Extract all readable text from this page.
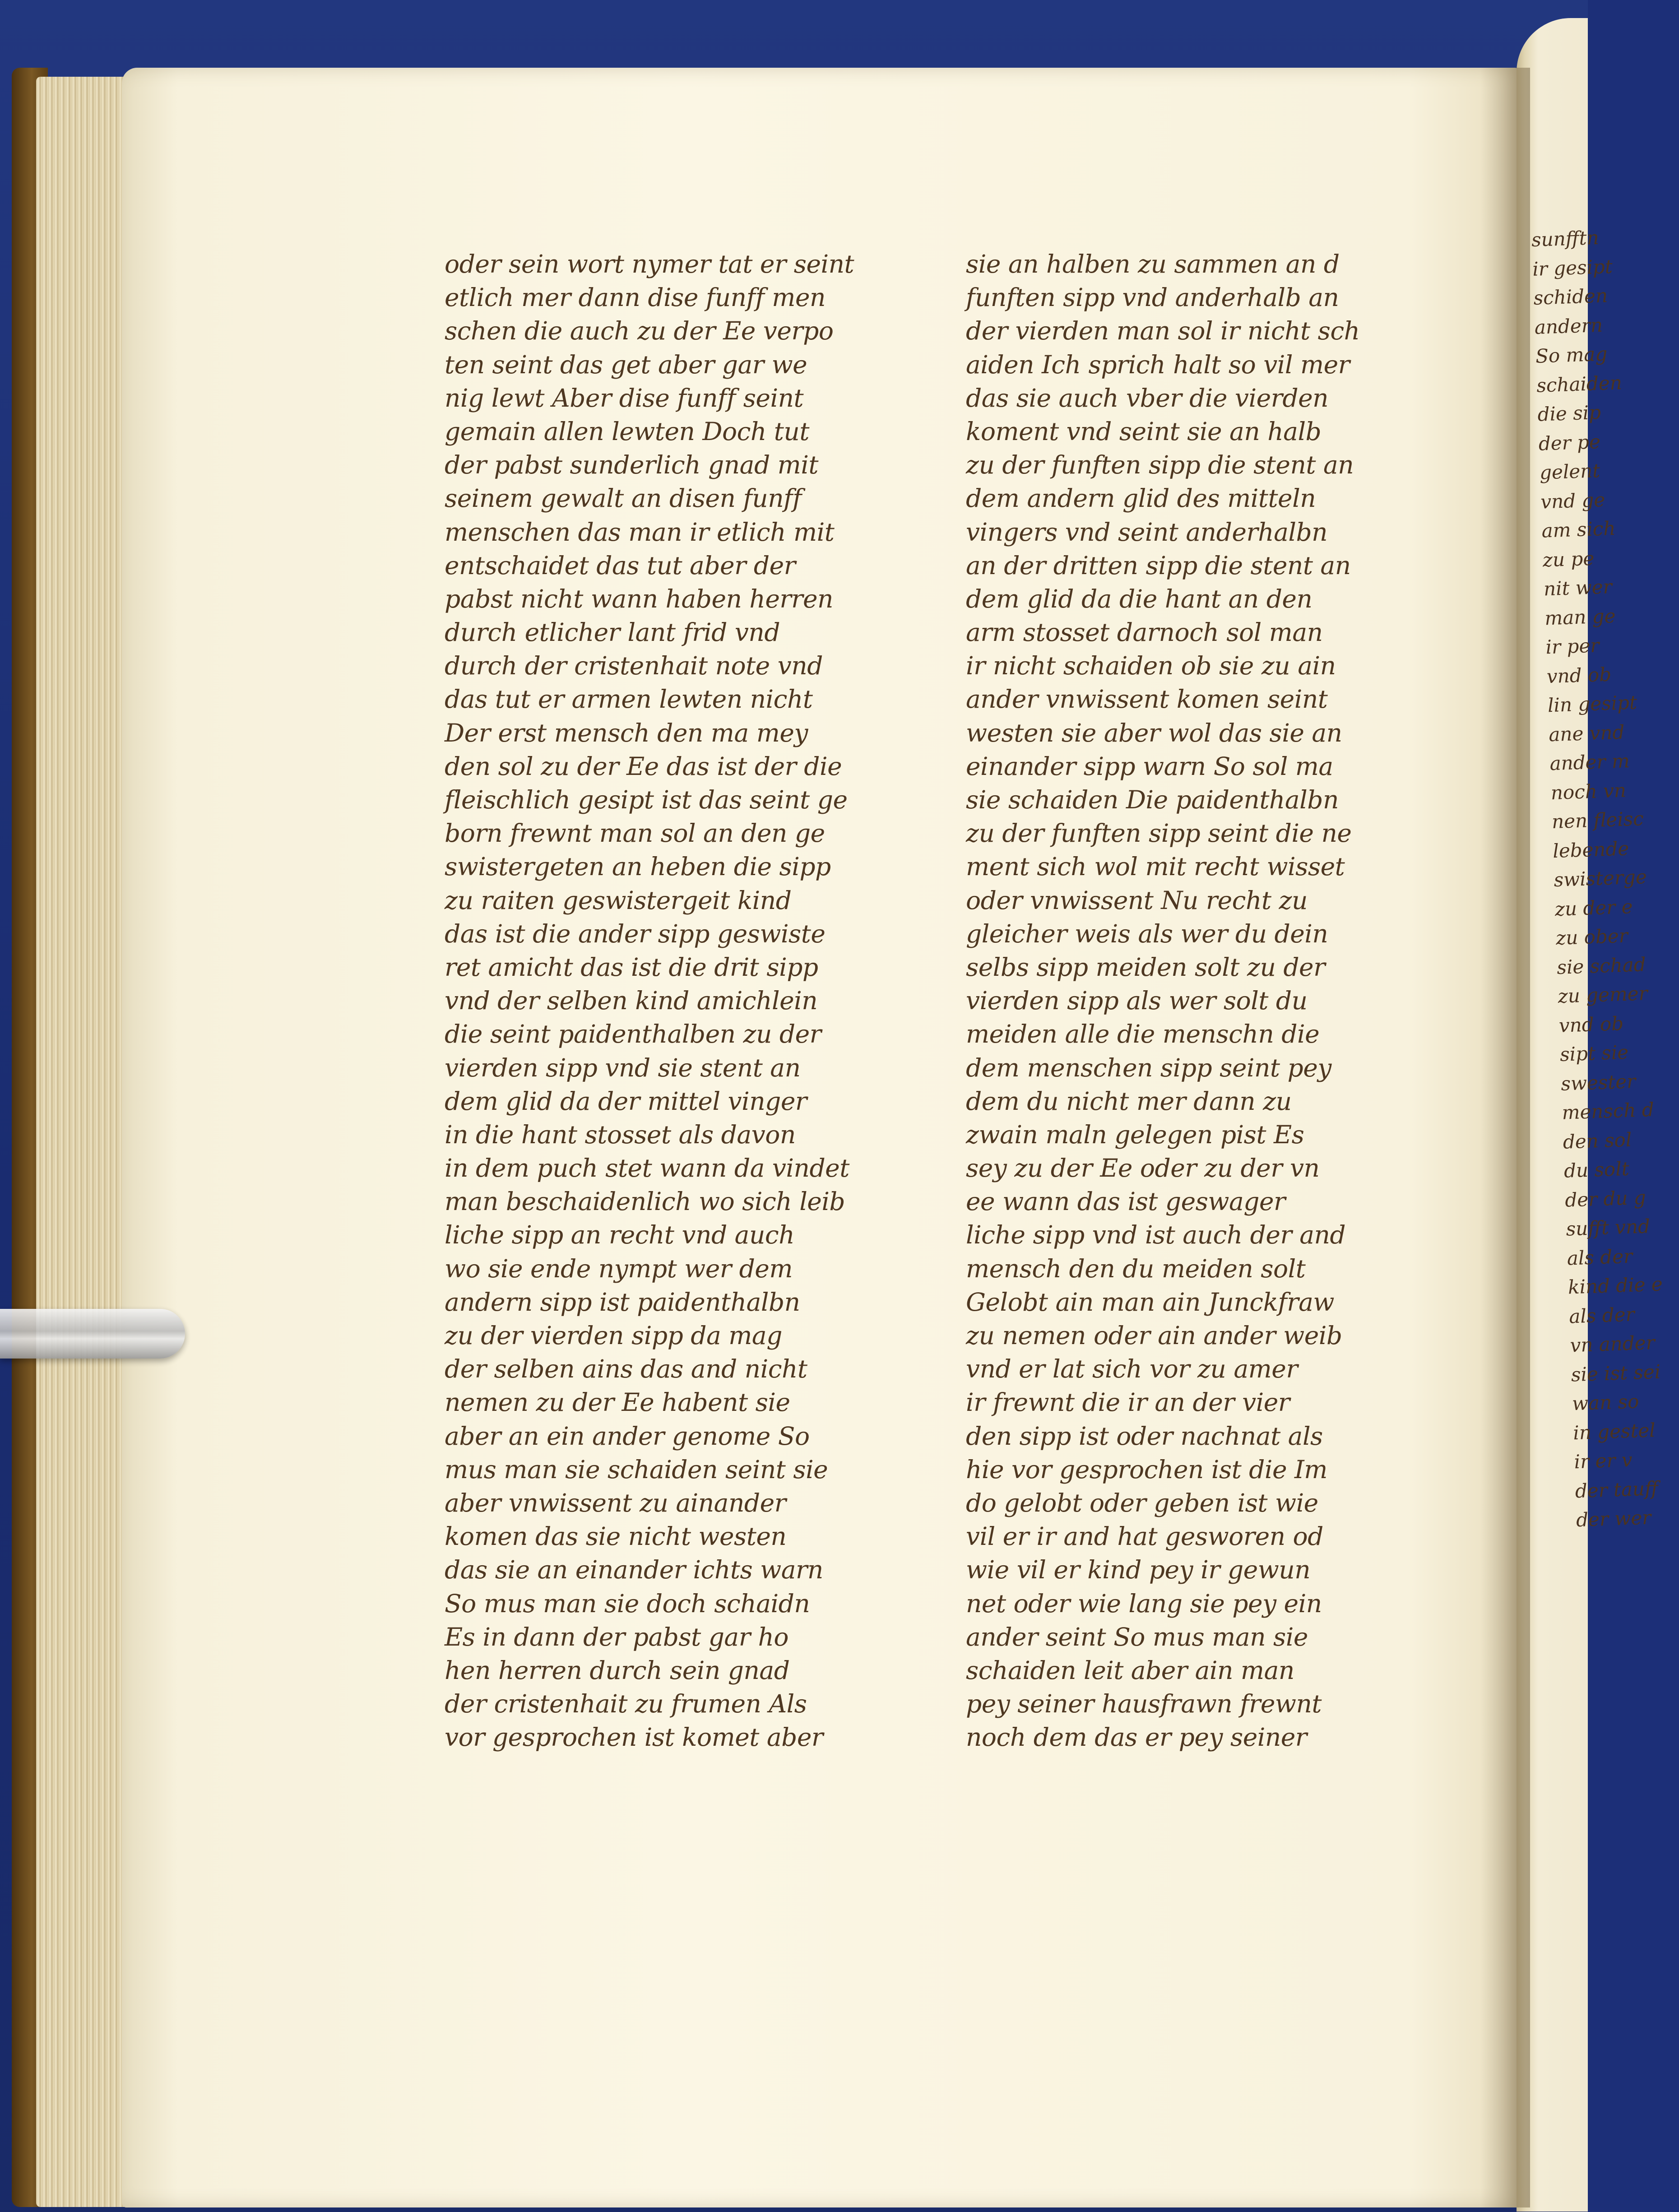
oder sein wort nymer tat er seint
etlich mer dann dise funff men
schen die auch zu der Ee verpo
ten seint das get aber gar we
nig lewt Aber dise funff seint
gemain allen lewten Doch tut
der pabst sunderlich gnad mit
seinem gewalt an disen funff
menschen das man ir etlich mit
entschaidet das tut aber der
pabst nicht wann haben herren
durch etlicher lant frid vnd
durch der cristenhait note vnd
das tut er armen lewten nicht
Der erst mensch den ma mey
den sol zu der Ee das ist der die
fleischlich gesipt ist das seint ge
born frewnt man sol an den ge
swistergeten an heben die sipp
zu raiten geswistergeit kind
das ist die ander sipp geswiste
ret amicht das ist die drit sipp
vnd der selben kind amichlein
die seint paidenthalben zu der
vierden sipp vnd sie stent an
dem glid da der mittel vinger
in die hant stosset als davon
in dem puch stet wann da vindet
man beschaidenlich wo sich leib
liche sipp an recht vnd auch
wo sie ende nympt wer dem
andern sipp ist paidenthalbn
zu der vierden sipp da mag
der selben ains das and nicht
nemen zu der Ee habent sie
aber an ein ander genome So
mus man sie schaiden seint sie
aber vnwissent zu ainander
komen das sie nicht westen
das sie an einander ichts warn
So mus man sie doch schaidn
Es in dann der pabst gar ho
hen herren durch sein gnad
der cristenhait zu frumen Als
vor gesprochen ist komet aber
sie an halben zu sammen an d
funften sipp vnd anderhalb an
der vierden man sol ir nicht sch
aiden Ich sprich halt so vil mer
das sie auch vber die vierden
koment vnd seint sie an halb
zu der funften sipp die stent an
dem andern glid des mitteln
vingers vnd seint anderhalbn
an der dritten sipp die stent an
dem glid da die hant an den
arm stosset darnoch sol man
ir nicht schaiden ob sie zu ain
ander vnwissent komen seint
westen sie aber wol das sie an
einander sipp warn So sol ma
sie schaiden Die paidenthalbn
zu der funften sipp seint die ne
ment sich wol mit recht wisset
oder vnwissent Nu recht zu
gleicher weis als wer du dein
selbs sipp meiden solt zu der
vierden sipp als wer solt du
meiden alle die menschn die
dem menschen sipp seint pey
dem du nicht mer dann zu
zwain maln gelegen pist Es
sey zu der Ee oder zu der vn
ee wann das ist geswager
liche sipp vnd ist auch der and
mensch den du meiden solt
Gelobt ain man ain Junckfraw
zu nemen oder ain ander weib
vnd er lat sich vor zu amer
ir frewnt die ir an der vier
den sipp ist oder nachnat als
hie vor gesprochen ist die Im
do gelobt oder geben ist wie
vil er ir and hat gesworen od
wie vil er kind pey ir gewun
net oder wie lang sie pey ein
ander seint So mus man sie
schaiden leit aber ain man
pey seiner hausfrawn frewnt
noch dem das er pey seiner
sunfftn
ir gesipt
schiden
andern
So mag
schaiden
die sip
der pe
gelent
vnd ge
am sich
zu pe
nit wer
man ge
ir per
vnd ob
lin gesipt
ane vnd
ander m
noch vn
nen fleisc
lebende
swisterge
zu der e
zu ober
sie schad
zu gemer
vnd ob
sipt sie
swester
mensch d
den sol
du solt
der du g
sufft vnd
als der
kind die e
als der
vn ander
sie ist sei
wan so
in gestel
ir er v
der tauff
der wer
